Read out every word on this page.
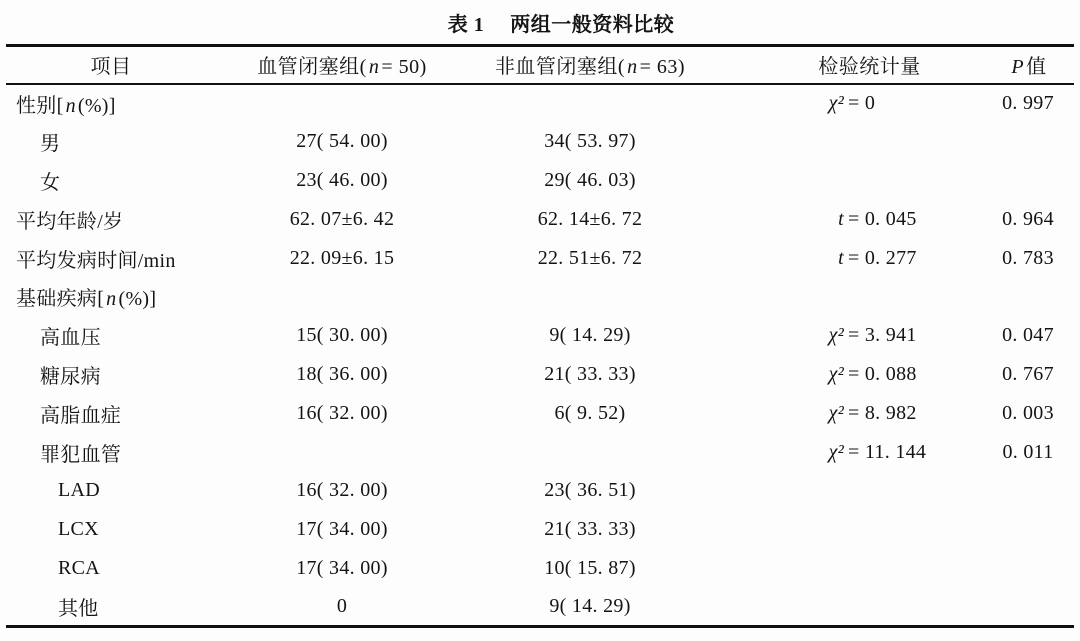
表 1 两组一般资料比较
项目	血管闭塞组( n = 50)	非血管闭塞组( n = 63)	检验统计量	P 值
性别[ n (%)]			χ² = 0	0. 997
男	27( 54. 00)	34( 53. 97)	

女	23( 46. 00)	29( 46. 03)	

平均年龄/岁	62. 07±6. 42	62. 14±6. 72	t = 0. 045	0. 964
平均发病时间/min	22. 09±6. 15	22. 51±6. 72	t = 0. 277	0. 783
基础疾病[ n (%)]			

高血压	15( 30. 00)	9( 14. 29)	χ² = 3. 941	0. 047
糖尿病	18( 36. 00)	21( 33. 33)	χ² = 0. 088	0. 767
高脂血症	16( 32. 00)	6( 9. 52)	χ² = 8. 982	0. 003
罪犯血管			χ² = 11. 144	0. 011
LAD	16( 32. 00)	23( 36. 51)	

LCX	17( 34. 00)	21( 33. 33)	

RCA	17( 34. 00)	10( 15. 87)	

其他	0	9( 14. 29)	
